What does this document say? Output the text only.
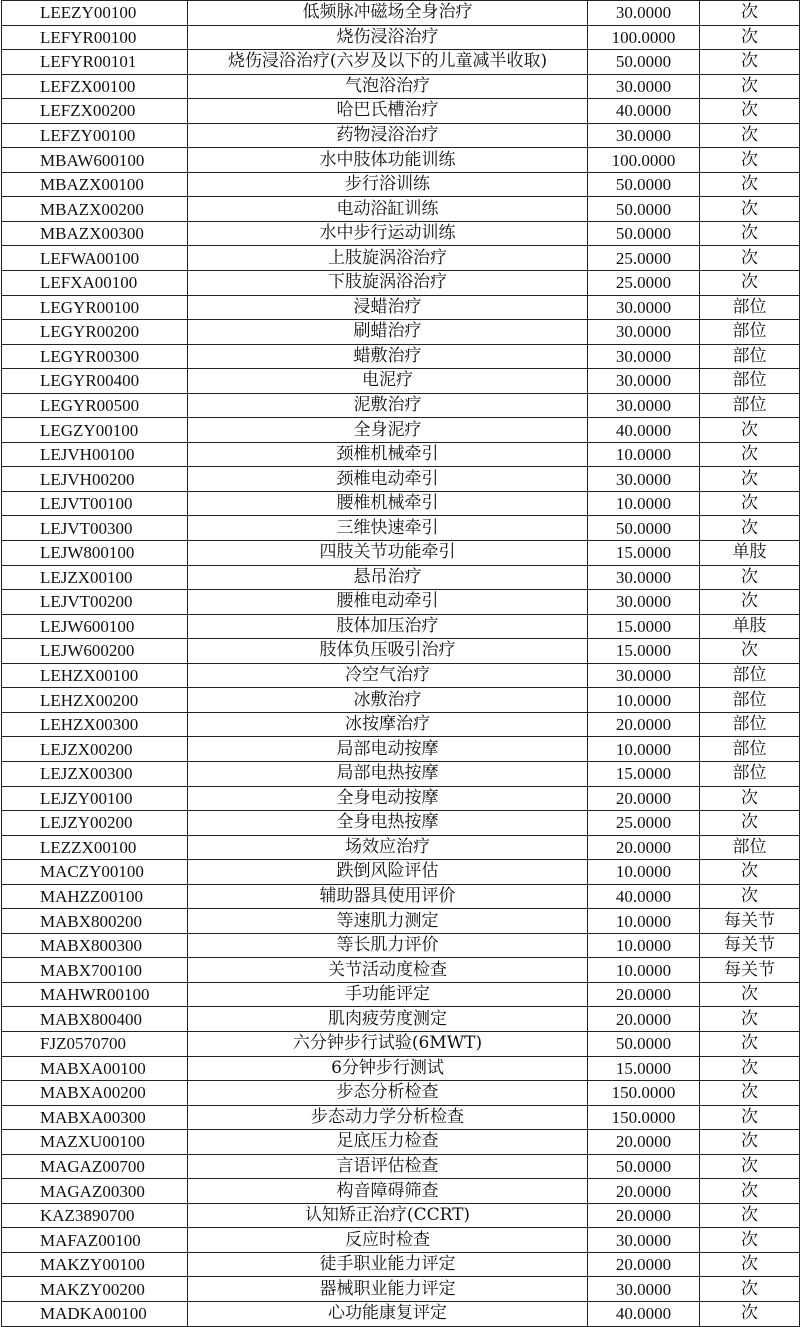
LEEZY00100	低频脉冲磁场全身治疗	30.0000	次
LEFYR00100	烧伤浸浴治疗	100.0000	次
LEFYR00101	烧伤浸浴治疗(六岁及以下的儿童减半收取)	50.0000	次
LEFZX00100	气泡浴治疗	30.0000	次
LEFZX00200	哈巴氏槽治疗	40.0000	次
LEFZY00100	药物浸浴治疗	30.0000	次
MBAW600100	水中肢体功能训练	100.0000	次
MBAZX00100	步行浴训练	50.0000	次
MBAZX00200	电动浴缸训练	50.0000	次
MBAZX00300	水中步行运动训练	50.0000	次
LEFWA00100	上肢旋涡浴治疗	25.0000	次
LEFXA00100	下肢旋涡浴治疗	25.0000	次
LEGYR00100	浸蜡治疗	30.0000	部位
LEGYR00200	刷蜡治疗	30.0000	部位
LEGYR00300	蜡敷治疗	30.0000	部位
LEGYR00400	电泥疗	30.0000	部位
LEGYR00500	泥敷治疗	30.0000	部位
LEGZY00100	全身泥疗	40.0000	次
LEJVH00100	颈椎机械牵引	10.0000	次
LEJVH00200	颈椎电动牵引	30.0000	次
LEJVT00100	腰椎机械牵引	10.0000	次
LEJVT00300	三维快速牵引	50.0000	次
LEJW800100	四肢关节功能牵引	15.0000	单肢
LEJZX00100	悬吊治疗	30.0000	次
LEJVT00200	腰椎电动牵引	30.0000	次
LEJW600100	肢体加压治疗	15.0000	单肢
LEJW600200	肢体负压吸引治疗	15.0000	次
LEHZX00100	冷空气治疗	30.0000	部位
LEHZX00200	冰敷治疗	10.0000	部位
LEHZX00300	冰按摩治疗	20.0000	部位
LEJZX00200	局部电动按摩	10.0000	部位
LEJZX00300	局部电热按摩	15.0000	部位
LEJZY00100	全身电动按摩	20.0000	次
LEJZY00200	全身电热按摩	25.0000	次
LEZZX00100	场效应治疗	20.0000	部位
MACZY00100	跌倒风险评估	10.0000	次
MAHZZ00100	辅助器具使用评价	40.0000	次
MABX800200	等速肌力测定	10.0000	每关节
MABX800300	等长肌力评价	10.0000	每关节
MABX700100	关节活动度检查	10.0000	每关节
MAHWR00100	手功能评定	20.0000	次
MABX800400	肌肉疲劳度测定	20.0000	次
FJZ0570700	六分钟步行试验(6MWT)	50.0000	次
MABXA00100	6分钟步行测试	15.0000	次
MABXA00200	步态分析检查	150.0000	次
MABXA00300	步态动力学分析检查	150.0000	次
MAZXU00100	足底压力检查	20.0000	次
MAGAZ00700	言语评估检查	50.0000	次
MAGAZ00300	构音障碍筛查	20.0000	次
KAZ3890700	认知矫正治疗(CCRT)	20.0000	次
MAFAZ00100	反应时检查	30.0000	次
MAKZY00100	徒手职业能力评定	20.0000	次
MAKZY00200	器械职业能力评定	30.0000	次
MADKA00100	心功能康复评定	40.0000	次
